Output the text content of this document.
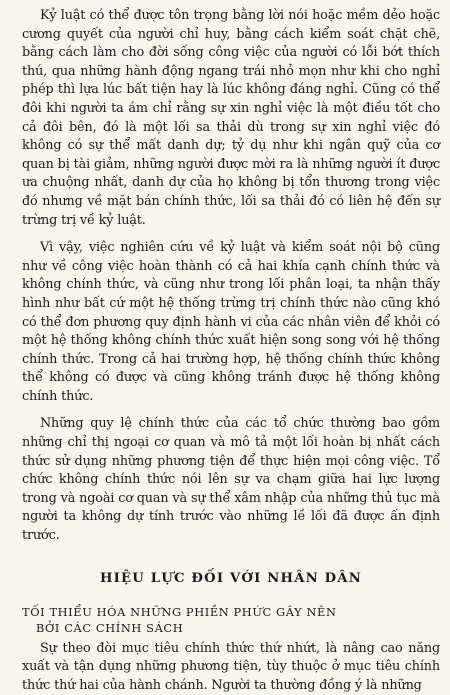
Kỷ luật có thể được tôn trọng bằng lời nói hoặc mềm dẻo hoặc cương quyết của người chỉ huy, bằng cách kiểm soát chặt chẽ, bằng cách làm cho đời sống công việc của người có lỗi bớt thích thú, qua những hành động ngang trái nhỏ mọn như khi cho nghỉ phép thì lựa lúc bất tiện hay là lúc không đáng nghỉ. Cũng có thể đôi khi người ta ám chỉ rằng sự xin nghỉ việc là một điều tốt cho cả đôi bên, đó là một lối sa thải dù trong sự xin nghỉ việc đó không có sự thể mất danh dự; tỷ dụ như khi ngân quỹ của cơ quan bị tài giảm, những người được mời ra là những người ít được ưa chuộng nhất, danh dự của họ không bị tổn thương trong việc đó nhưng về mặt bán chính thức, lối sa thải đó có liên hệ đến sự trừng trị về kỷ luật.

Vì vậy, việc nghiên cứu về kỷ luật và kiểm soát nội bộ cũng như về công việc hoàn thành có cả hai khía cạnh chính thức và không chính thức, và cũng như trong lối phân loại, ta nhận thấy hình như bất cứ một hệ thống trừng trị chính thức nào cũng khó có thể đơn phương quy định hành vi của các nhân viên để khỏi có một hệ thống không chính thức xuất hiện song song với hệ thống chính thức. Trong cả hai trường hợp, hệ thống chính thức không thể không có được và cũng không tránh được hệ thống không chính thức.

Những quy lệ chính thức của các tổ chức thường bao gồm những chỉ thị ngoại cơ quan và mô tả một lối hoàn bị nhất cách thức sử dụng những phương tiện để thực hiện mọi công việc. Tổ chức không chính thức nói lên sự va chạm giữa hai lực lượng trong và ngoài cơ quan và sự thể xâm nhập của những thủ tục mà người ta không dự tính trước vào những lề lối đã được ấn định trước.

HIỆU LỰC ĐỐI VỚI NHÂN DÂN
TỐI THIỂU HÓA NHỮNG PHIỀN PHỨC GÂY NÊN
BỞI CÁC CHÍNH SÁCH

Sự theo đòi mục tiêu chính thức thứ nhứt, là nâng cao năng xuất và tận dụng những phương tiện, tùy thuộc ở mục tiêu chính thức thứ hai của hành chánh. Người ta thường đồng ý là những
